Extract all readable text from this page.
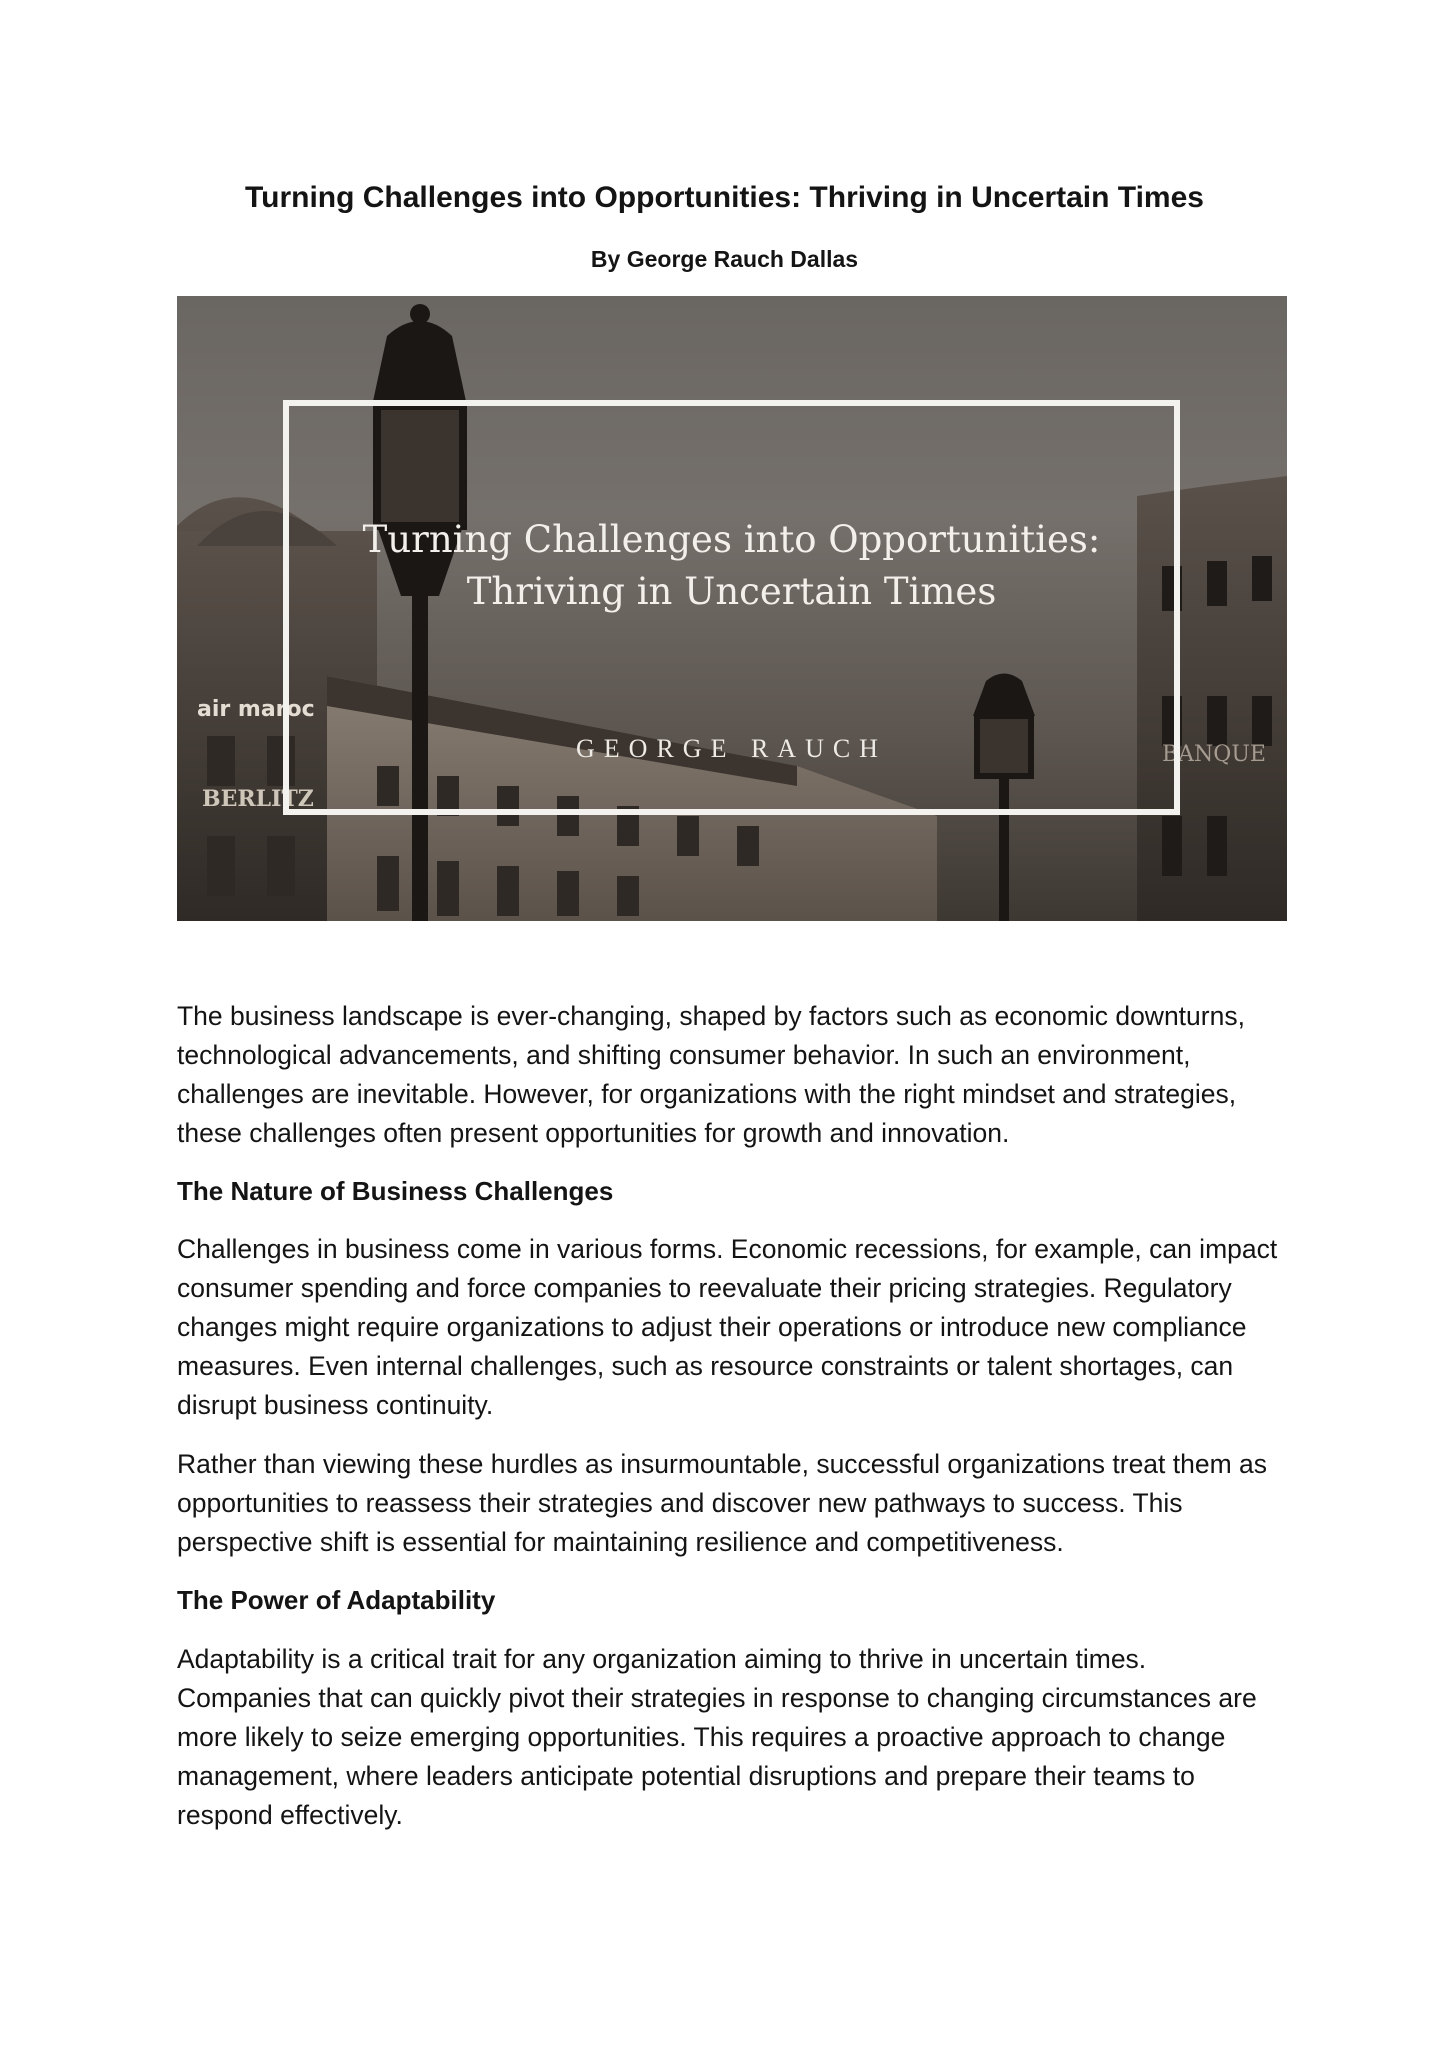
Turning Challenges into Opportunities: Thriving in Uncertain Times

By George Rauch Dallas

air maroc
BERLITZ
BANQUE

Turning Challenges into Opportunities:
Thriving in Uncertain Times

GEORGE RAUCH

The business landscape is ever-changing, shaped by factors such as economic downturns, technological advancements, and shifting consumer behavior. In such an environment, challenges are inevitable. However, for organizations with the right mindset and strategies, these challenges often present opportunities for growth and innovation.

The Nature of Business Challenges

Challenges in business come in various forms. Economic recessions, for example, can impact consumer spending and force companies to reevaluate their pricing strategies. Regulatory changes might require organizations to adjust their operations or introduce new compliance measures. Even internal challenges, such as resource constraints or talent shortages, can disrupt business continuity.

Rather than viewing these hurdles as insurmountable, successful organizations treat them as opportunities to reassess their strategies and discover new pathways to success. This perspective shift is essential for maintaining resilience and competitiveness.

The Power of Adaptability

Adaptability is a critical trait for any organization aiming to thrive in uncertain times. Companies that can quickly pivot their strategies in response to changing circumstances are more likely to seize emerging opportunities. This requires a proactive approach to change management, where leaders anticipate potential disruptions and prepare their teams to respond effectively.
